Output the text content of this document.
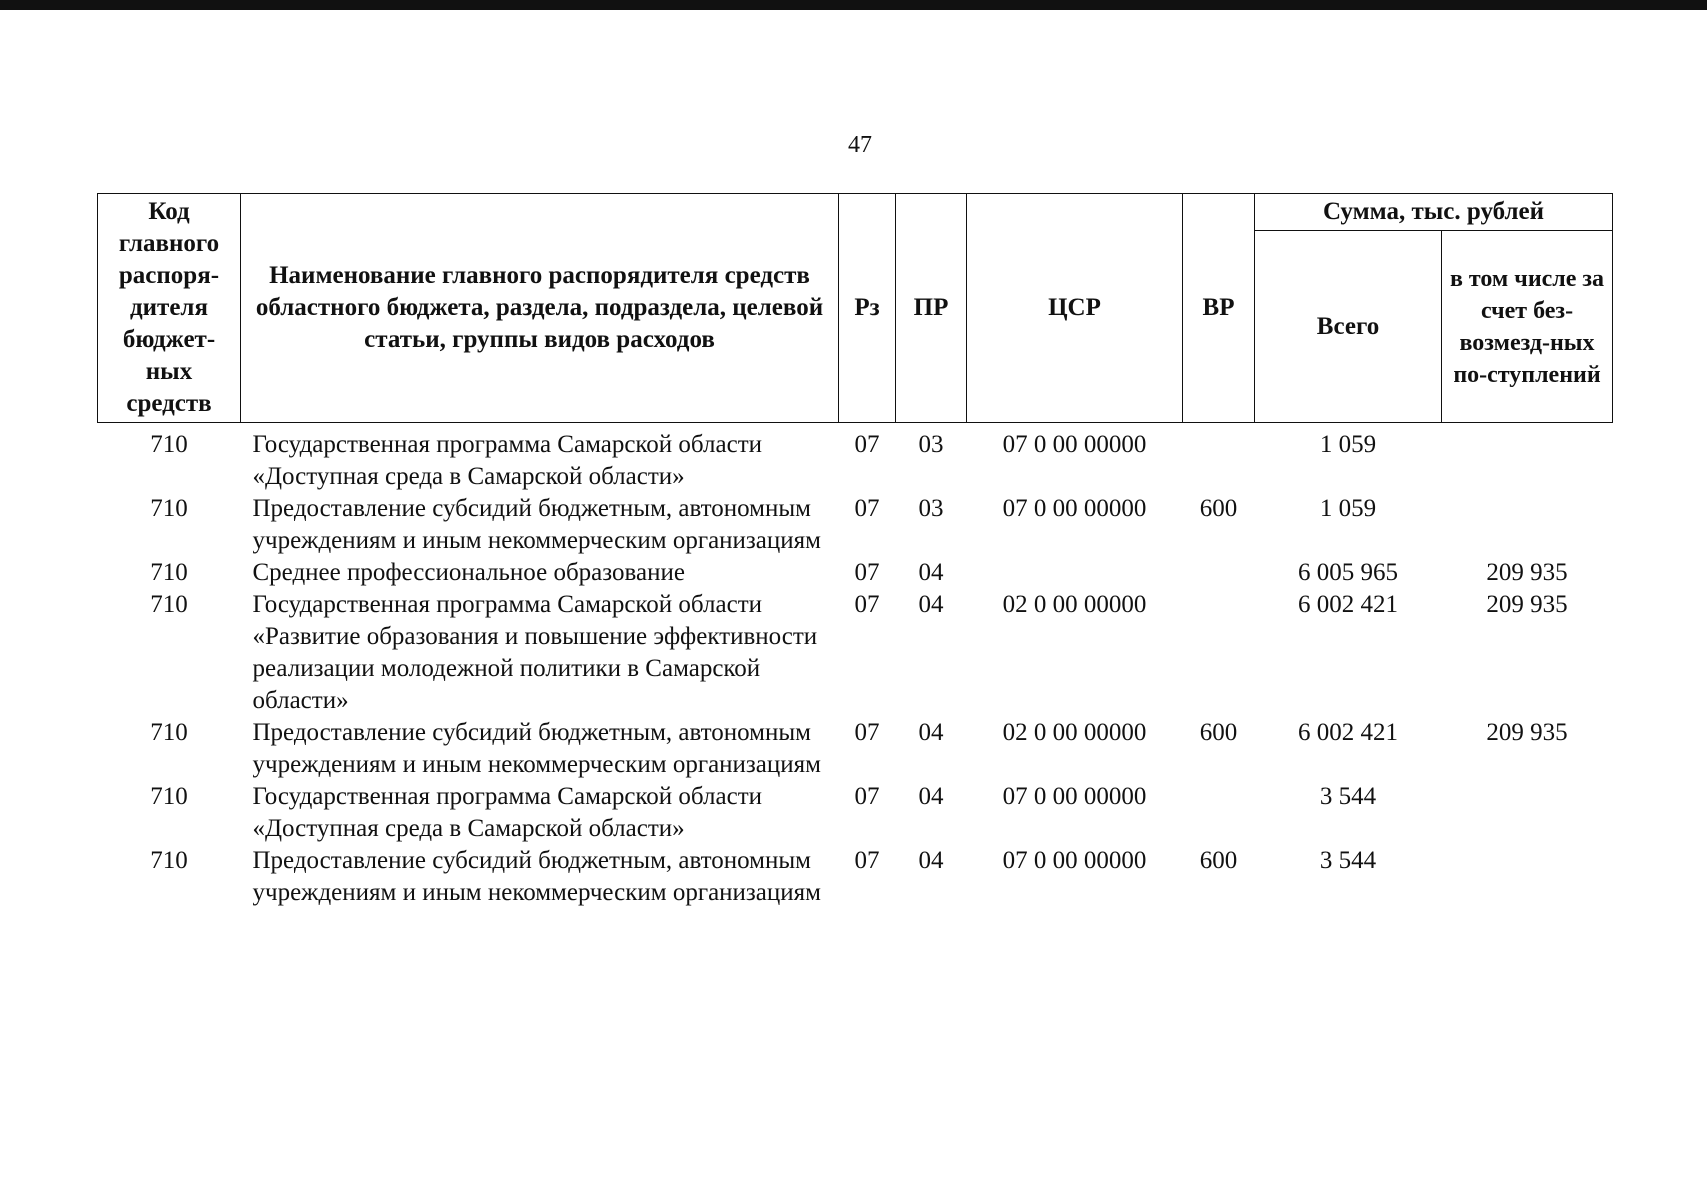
47
Код главного распоря-дителя бюджет-ных средств	Наименование главного распорядителя средств областного бюджета, раздела, подраздела, целевой статьи, группы видов расходов	Рз	ПР	ЦСР	ВР	Сумма, тыс. рублей	
						Всего	в том числе за счет без-возмезд-ных по-ступлений
710	Государственная программа Самарской области «Доступная среда в Самарской области»	07	03	07 0 00 00000		1 059	
710	Предоставление субсидий бюджетным, автономным учреждениям и иным некоммерческим организациям	07	03	07 0 00 00000	600	1 059	
710	Среднее профессиональное образование	07	04			6 005 965	209 935
710	Государственная программа Самарской области «Развитие образования и повышение эффективности реализации молодежной политики в Самарской области»	07	04	02 0 00 00000		6 002 421	209 935
710	Предоставление субсидий бюджетным, автономным учреждениям и иным некоммерческим организациям	07	04	02 0 00 00000	600	6 002 421	209 935
710	Государственная программа Самарской области «Доступная среда в Самарской области»	07	04	07 0 00 00000		3 544	
710	Предоставление субсидий бюджетным, автономным учреждениям и иным некоммерческим организациям	07	04	07 0 00 00000	600	3 544	
